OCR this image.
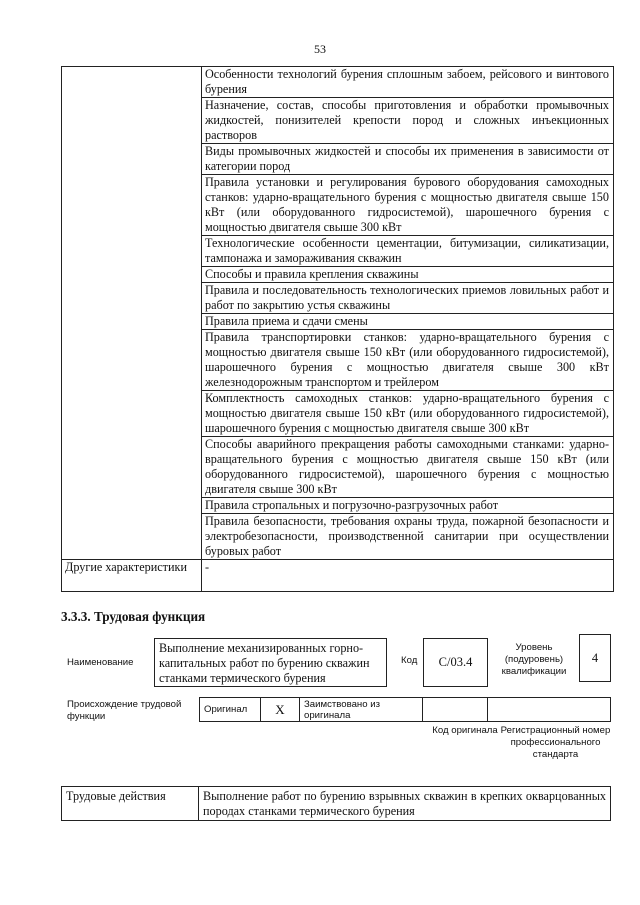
53
	Особенности технологий бурения сплошным забоем, рейсового и винтового бурения
	Назначение, состав, способы приготовления и обработки промывочных жидкостей, понизителей крепости пород и сложных инъекционных растворов
	Виды промывочных жидкостей и способы их применения в зависимости от категории пород
	Правила установки и регулирования бурового оборудования самоходных станков: ударно-вращательного бурения с мощностью двигателя свыше 150 кВт (или оборудованного гидросистемой), шарошечного бурения с мощностью двигателя свыше 300 кВт
	Технологические особенности цементации, битумизации, силикатизации, тампонажа и замораживания скважин
	Способы и правила крепления скважины
	Правила и последовательность технологических приемов ловильных работ и работ по закрытию устья скважины
	Правила приема и сдачи смены
	Правила транспортировки станков: ударно-вращательного бурения с мощностью двигателя свыше 150 кВт (или оборудованного гидросистемой), шарошечного бурения с мощностью двигателя свыше 300 кВт железнодорожным транспортом и трейлером
	Комплектность самоходных станков: ударно-вращательного бурения с мощностью двигателя свыше 150 кВт (или оборудованного гидросистемой), шарошечного бурения с мощностью двигателя свыше 300 кВт
	Способы аварийного прекращения работы самоходными станками: ударно-вращательного бурения с мощностью двигателя свыше 150 кВт (или оборудованного гидросистемой), шарошечного бурения с мощностью двигателя свыше 300 кВт
	Правила стропальных и погрузочно-разгрузочных работ
	Правила безопасности, требования охраны труда, пожарной безопасности и электробезопасности, производственной санитарии при осуществлении буровых работ
Другие характеристики	-
3.3.3. Трудовая функция
Наименование
Выполнение механизированных горно-капитальных работ по бурению скважин станками термического бурения
Код	С/03.4
Уровень (подуровень) квалификации
4
Происхождение трудовой функции
Оригинал	X	Заимствовано из оригинала		
Код оригинала Регистрационный номер профессионального стандарта
Трудовые действия	Выполнение работ по бурению взрывных скважин в крепких окварцованных породах станками термического бурения
